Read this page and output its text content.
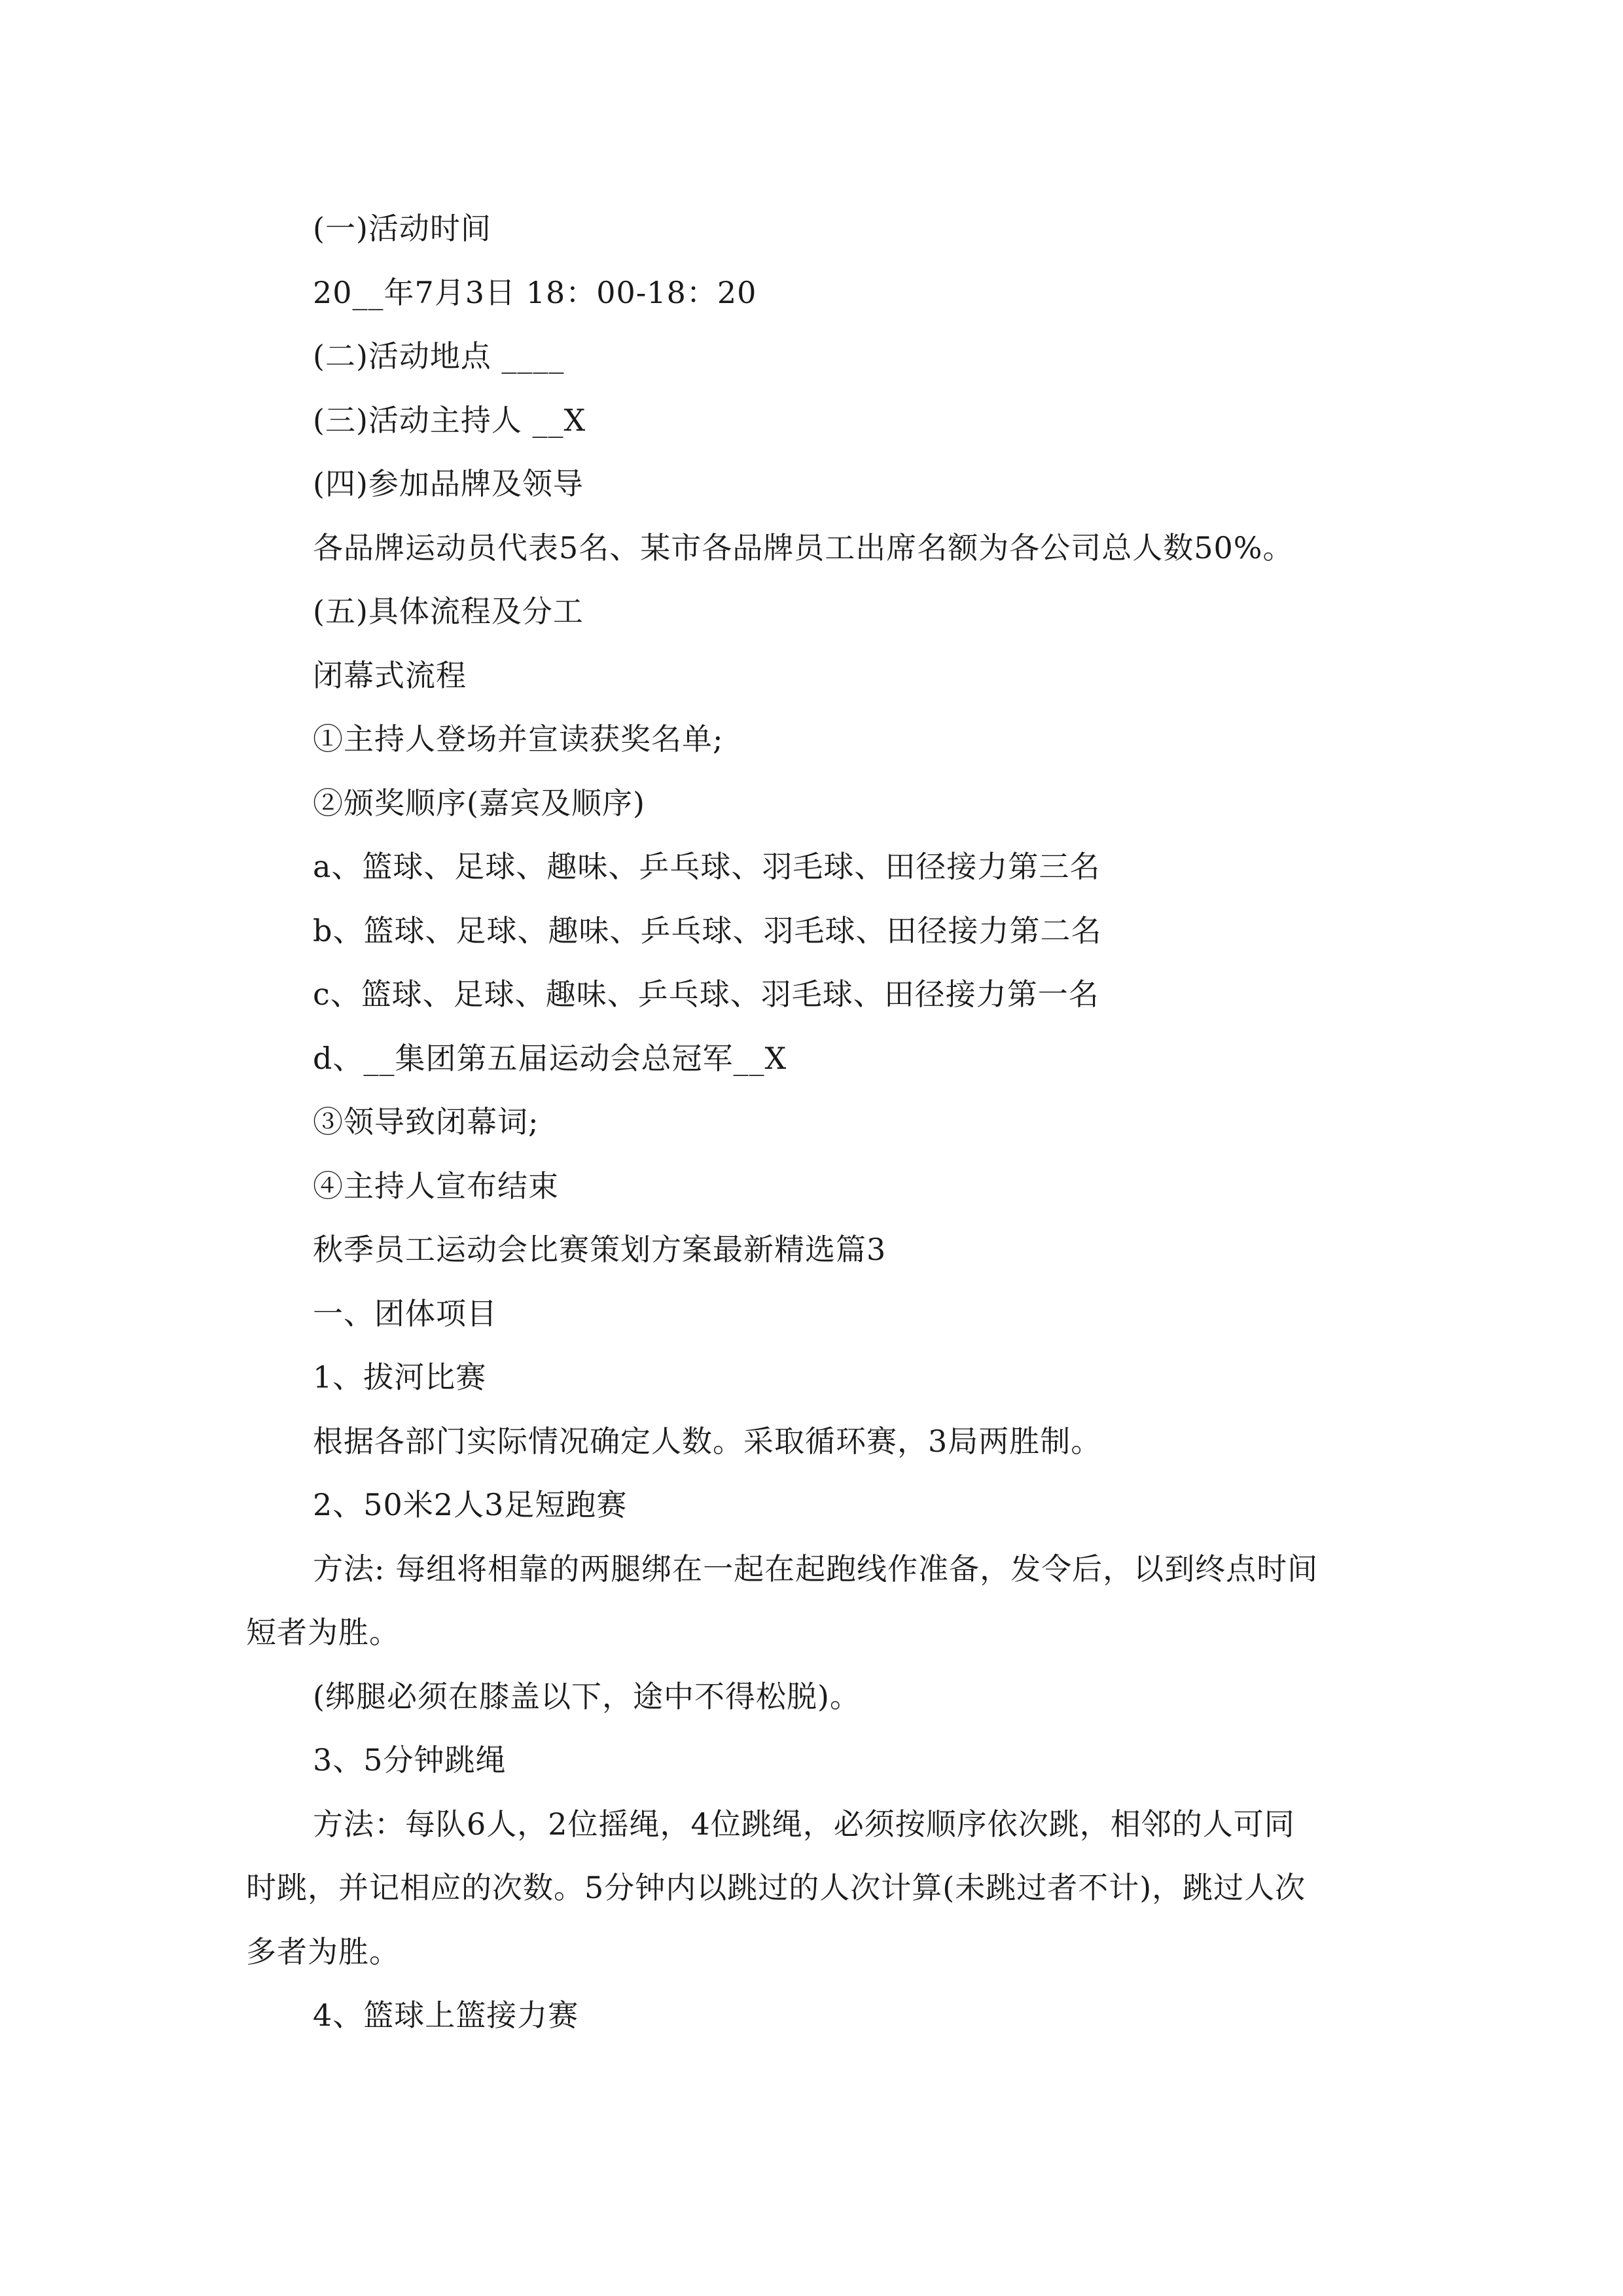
(一)活动时间
20__年7月3日 18：00-18：20
(二)活动地点 ____
(三)活动主持人 __X
(四)参加品牌及领导
各品牌运动员代表5名、某市各品牌员工出席名额为各公司总人数50%。
(五)具体流程及分工
闭幕式流程
①主持人登场并宣读获奖名单;
②颁奖顺序(嘉宾及顺序)
a、篮球、足球、趣味、乒乓球、羽毛球、田径接力第三名
b、篮球、足球、趣味、乒乓球、羽毛球、田径接力第二名
c、篮球、足球、趣味、乒乓球、羽毛球、田径接力第一名
d、__集团第五届运动会总冠军__X
③领导致闭幕词;
④主持人宣布结束
秋季员工运动会比赛策划方案最新精选篇3
一、团体项目
1、拔河比赛
根据各部门实际情况确定人数。采取循环赛，3局两胜制。
2、50米2人3足短跑赛
方法: 每组将相靠的两腿绑在一起在起跑线作准备，发令后，以到终点时间
短者为胜。
(绑腿必须在膝盖以下，途中不得松脱)。
3、5分钟跳绳
方法：每队6人，2位摇绳，4位跳绳，必须按顺序依次跳，相邻的人可同
时跳，并记相应的次数。5分钟内以跳过的人次计算(未跳过者不计)，跳过人次
多者为胜。
4、篮球上篮接力赛
